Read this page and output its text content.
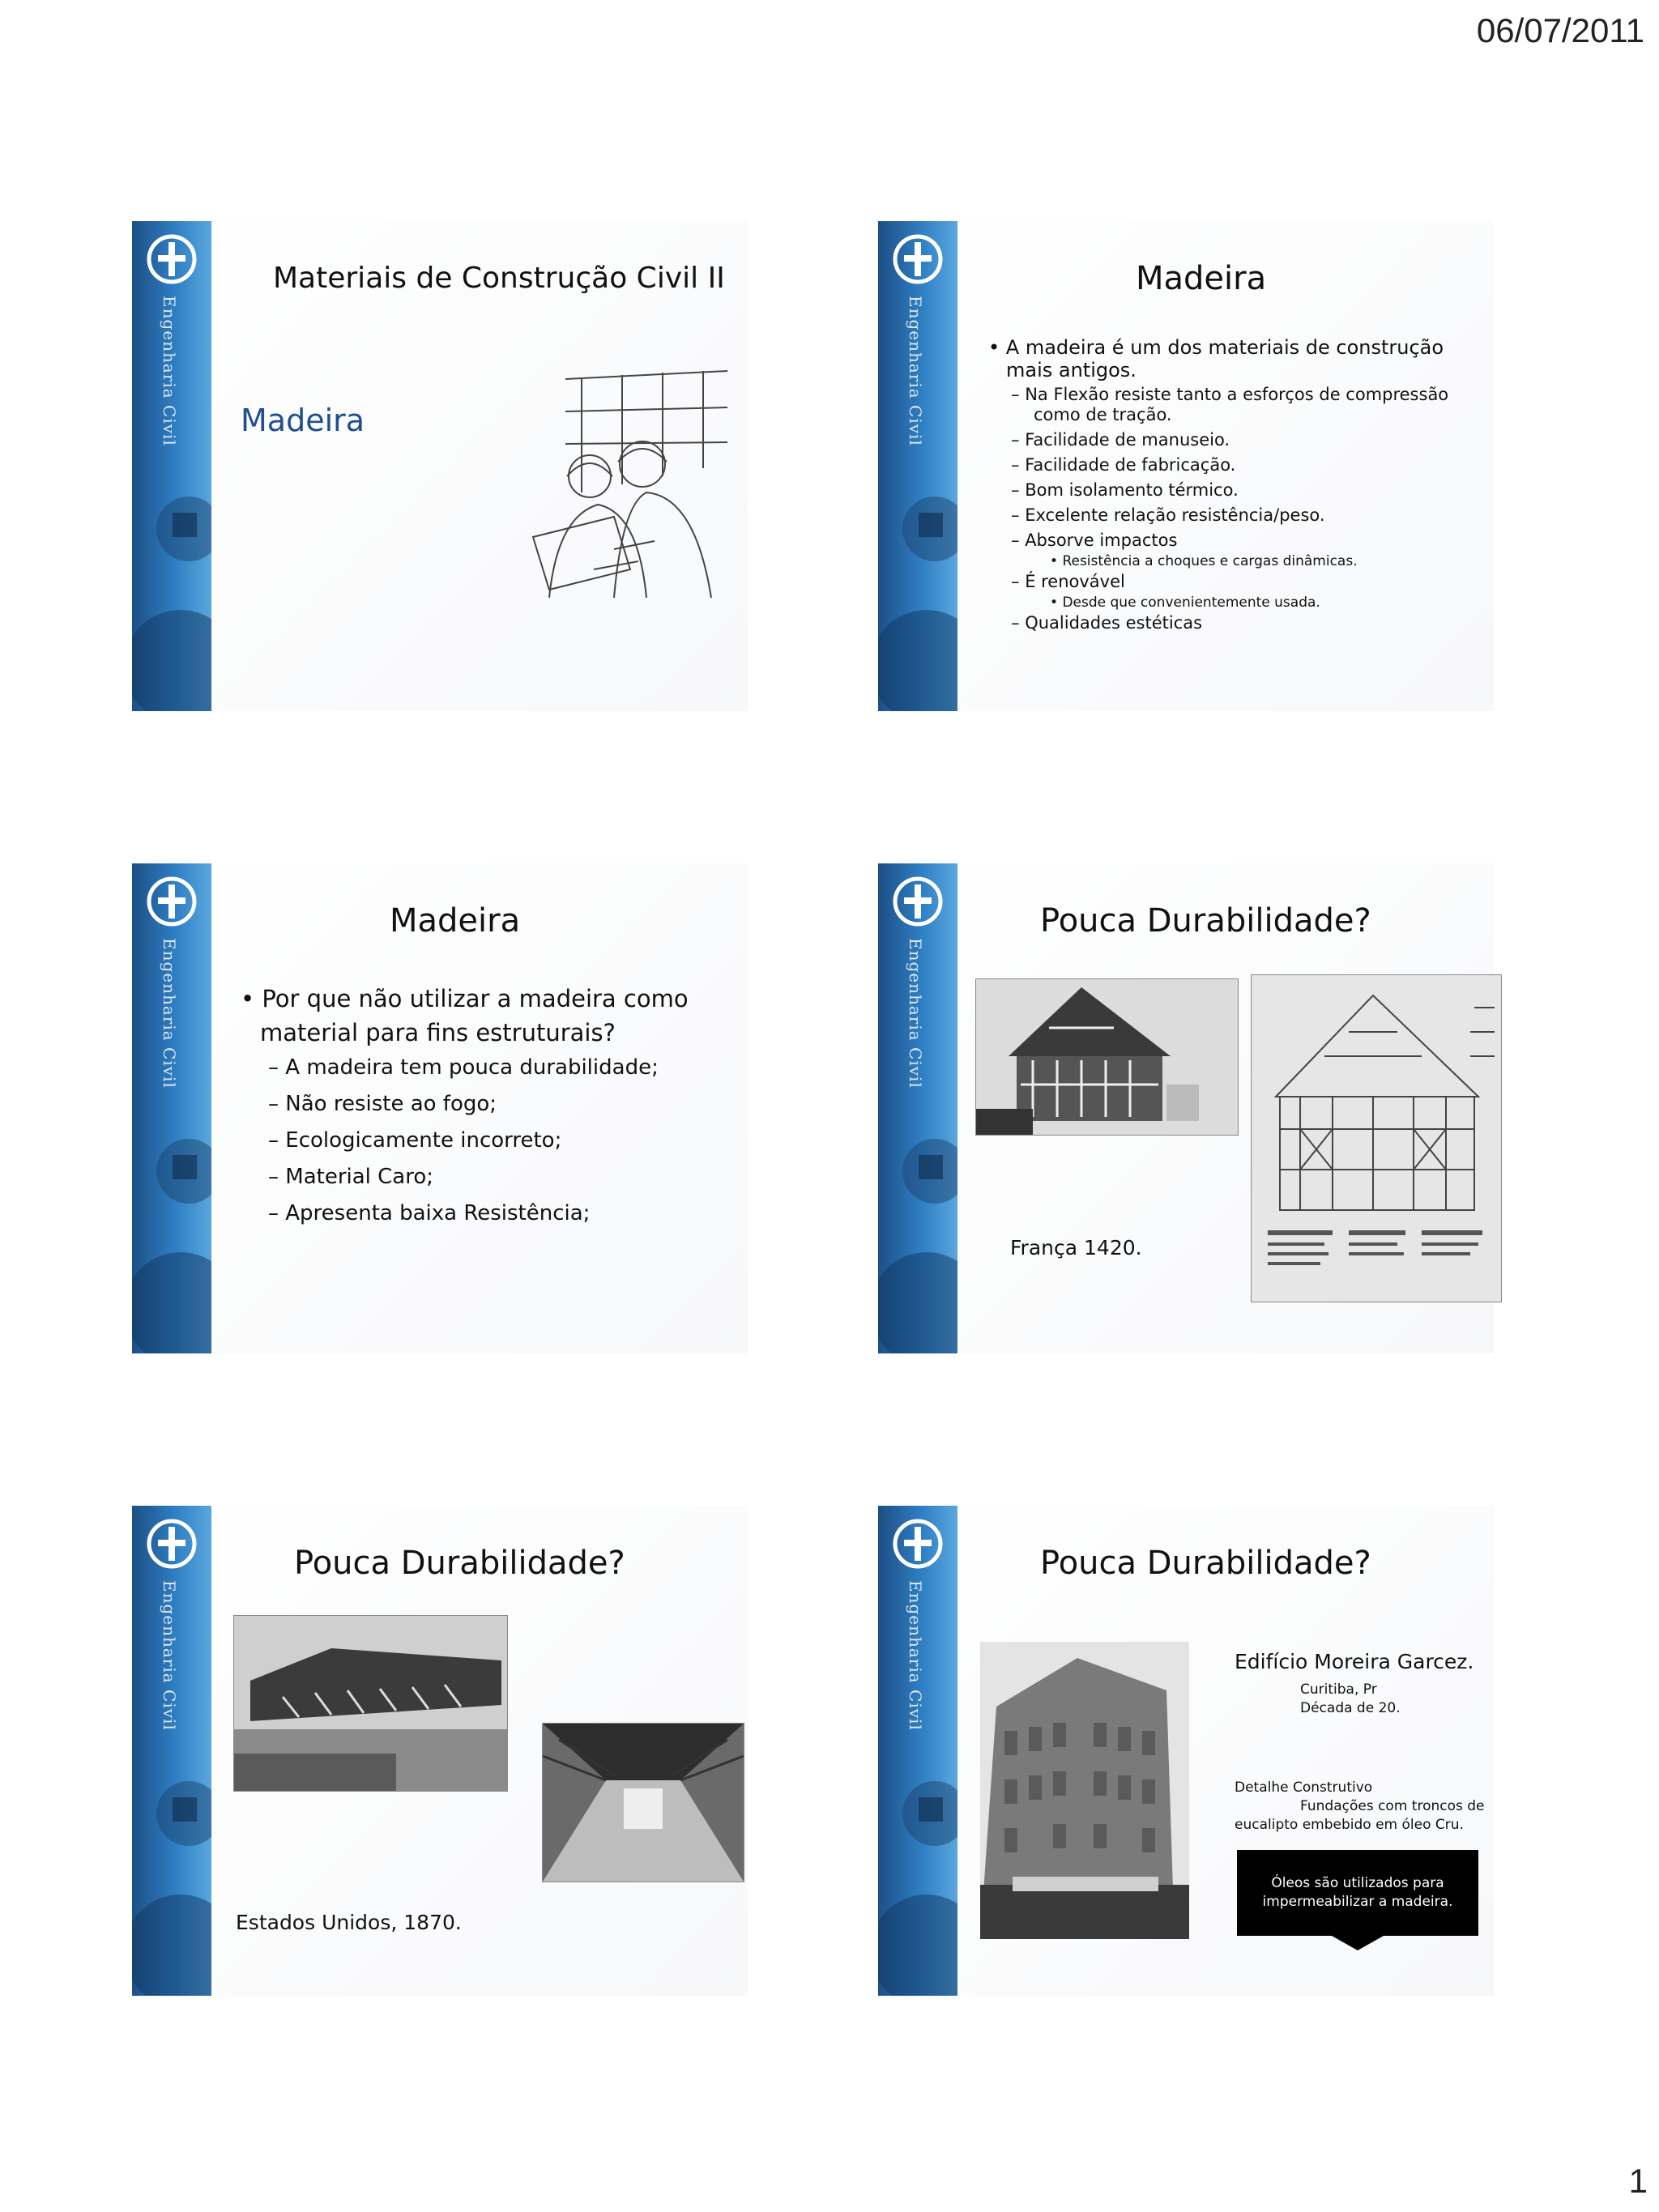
06/07/2011
Engenharia Civil
Materiais de Construção Civil II
Madeira	Engenharia Civil
Madeira

• A madeira é um dos materiais de construção mais antigos.

– Na Flexão resiste tanto a esforços de compressão como de tração.

– Facilidade de manuseio.

– Facilidade de fabricação.

– Bom isolamento térmico.

– Excelente relação resistência/peso.

– Absorve impactos

• Resistência a choques e cargas dinâmicas.

– É renovável

• Desde que convenientemente usada.

– Qualidades estéticas

Engenharia Civil
Madeira

• Por que não utilizar a madeira como material para fins estruturais?

– A madeira tem pouca durabilidade;

– Não resiste ao fogo;

– Ecologicamente incorreto;

– Material Caro;

– Apresenta baixa Resistência;

Engenharia Civil
Pouca Durabilidade?
França 1420.
Engenharia Civil
Pouca Durabilidade?
Estados Unidos, 1870.
Engenharia Civil
Pouca Durabilidade?
Edifício Moreira Garcez.
Curitiba, Pr
Década de 20.
Detalhe Construtivo
Fundações com troncos de
eucalipto embebido em óleo Cru.
Óleos são utilizados para impermeabilizar a madeira.
1
